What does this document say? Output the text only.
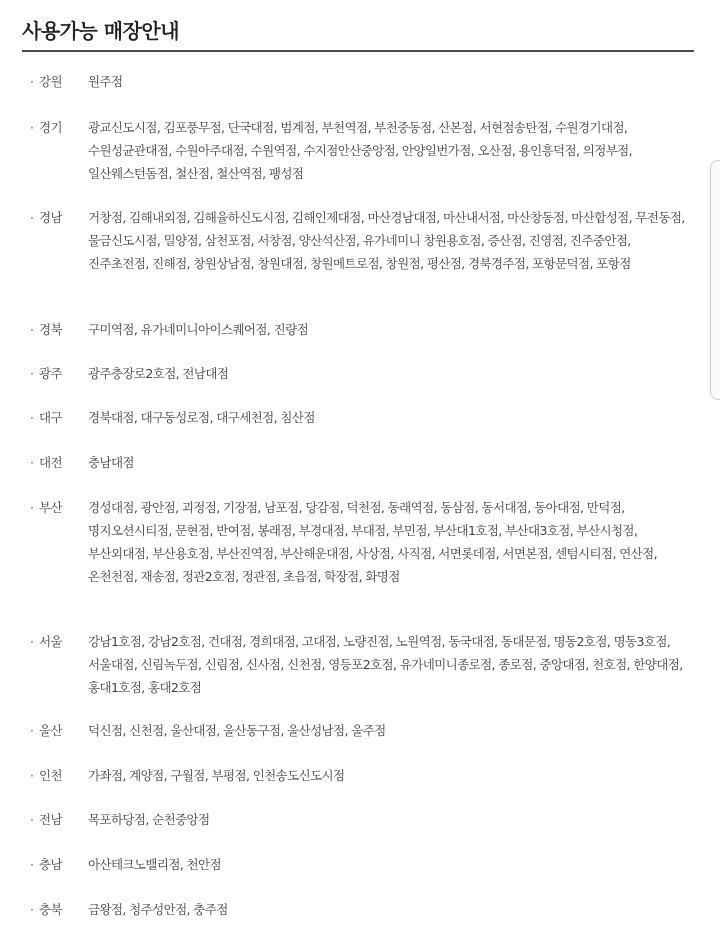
사용가능 매장안내
· 강원 원주점
· 경기 광교신도시점, 김포풍무점, 단국대점, 범계점, 부천역점, 부천중동점, 산본점, 서현점송탄점, 수원경기대점, 수원성균관대점, 수원아주대점, 수원역점, 수지점안산중앙점, 안양일번가점, 오산점, 용인흥덕점, 의정부점, 일산웨스턴돔점, 철산점, 철산역점, 팽성점
· 경남 거창점, 김해내외점, 김해율하신도시점, 김해인제대점, 마산경남대점, 마산내서점, 마산창동점, 마산합성점, 무전동점, 물금신도시점, 밀양점, 삼천포점, 서창점, 양산석산점, 유가네미니 창원용호점, 증산점, 진영점, 진주중안점, 진주초전점, 진해점, 창원상남점, 창원대점, 창원메트로점, 창원점, 평산점, 경북경주점, 포항문덕점, 포항점
· 경북 구미역점, 유가네미니아이스퀘어점, 진량점
· 광주 광주충장로2호점, 전남대점
· 대구 경북대점, 대구동성로점, 대구세천점, 침산점
· 대전 충남대점
· 부산 경성대점, 광안점, 괴정점, 기장점, 남포점, 당감점, 덕천점, 동래역점, 동삼점, 동서대점, 동아대점, 만덕점, 명지오션시티점, 문현점, 반여점, 봉래점, 부경대점, 부대점, 부민점, 부산대1호점, 부산대3호점, 부산시청점, 부산외대점, 부산용호점, 부산진역점, 부산해운대점, 사상점, 사직점, 서면롯데점, 서면본점, 센텀시티점, 연산점, 온천천점, 재송점, 정관2호점, 정관점, 초읍점, 학장점, 화명점
· 서울 강남1호점, 강남2호점, 건대점, 경희대점, 고대점, 노량진점, 노원역점, 동국대점, 동대문점, 명동2호점, 명동3호점, 서울대점, 신림녹두점, 신림점, 신사점, 신천점, 영등포2호점, 유가네미니종로점, 종로점, 중앙대점, 천호점, 한양대점, 홍대1호점, 홍대2호점
· 울산 덕신점, 신천점, 울산대점, 울산동구점, 울산성남점, 울주점
· 인천 가좌점, 계양점, 구월점, 부평점, 인천송도신도시점
· 전남 목포하당점, 순천중앙점
· 충남 아산테크노밸리점, 천안점
· 충북 금왕점, 청주성안점, 충주점
